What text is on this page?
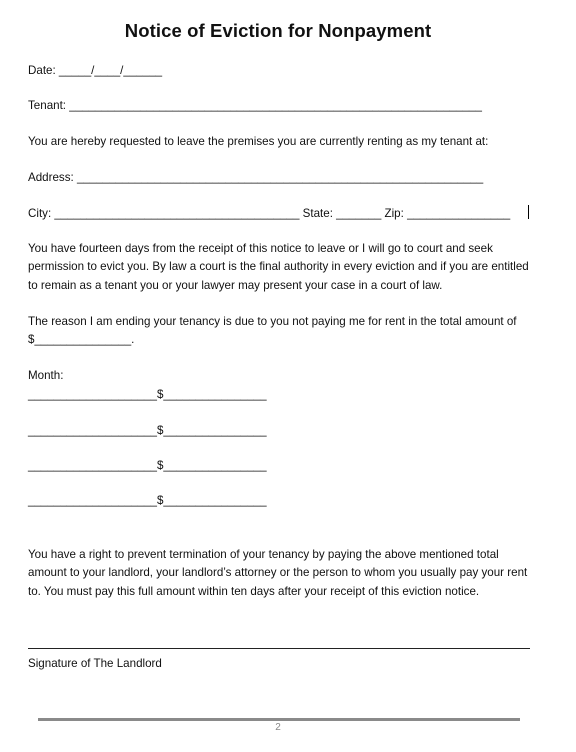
Notice of Eviction for Nonpayment
Date: _____/____/______
Tenant: ________________________________________________________________
You are hereby requested to leave the premises you are currently renting as my tenant at:
Address: _______________________________________________________________
City: ______________________________________ State: _______ Zip: ________________
You have fourteen days from the receipt of this notice to leave or I will go to court and seek permission to evict you. By law a court is the final authority in every eviction and if you are entitled to remain as a tenant you or your lawyer may present your case in a court of law.
The reason I am ending your tenancy is due to you not paying me for rent in the total amount of $_______________.
Month:
____________________$________________
____________________$________________
____________________$________________
____________________$________________
You have a right to prevent termination of your tenancy by paying the above mentioned total amount to your landlord, your landlord’s attorney or the person to whom you usually pay your rent to. You must pay this full amount within ten days after your receipt of this eviction notice.
Signature of The Landlord
2
